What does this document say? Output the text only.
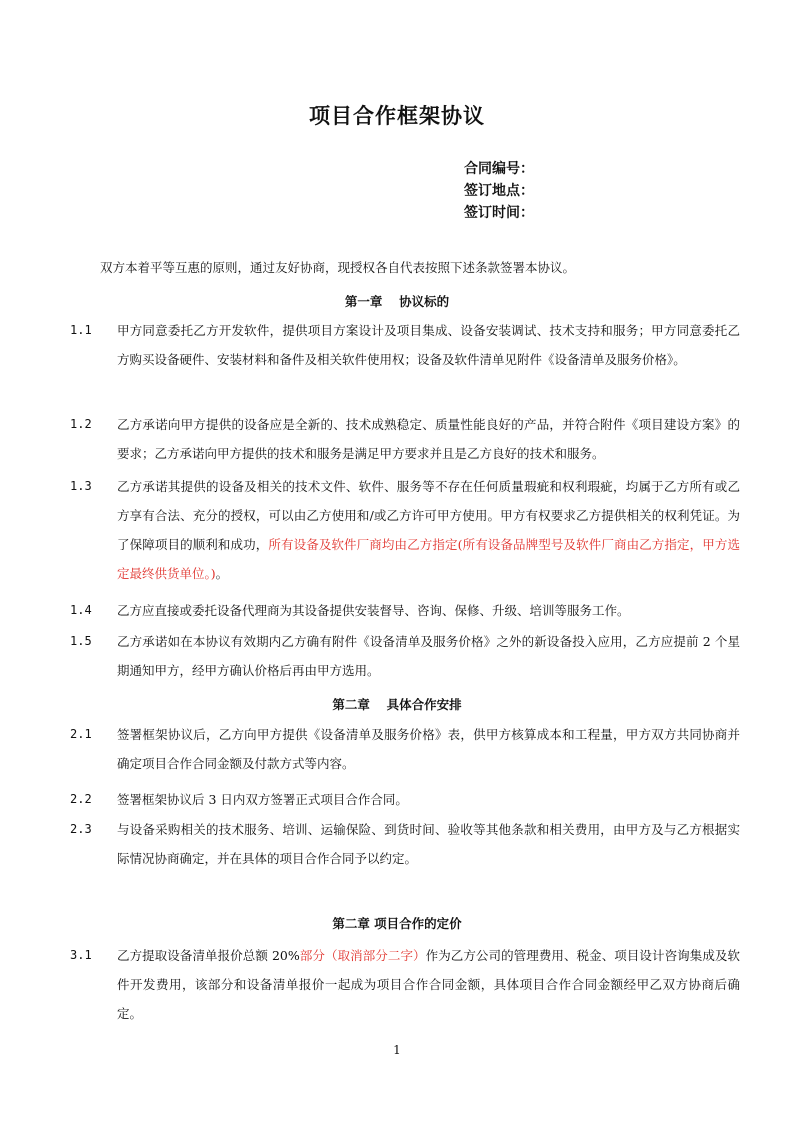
项目合作框架协议
合同编号：
签订地点：
签订时间：
双方本着平等互惠的原则，通过友好协商，现授权各自代表按照下述条款签署本协议。
第一章　 协议标的
1.1	甲方同意委托乙方开发软件，提供项目方案设计及项目集成、设备安装调试、技术支持和服务；甲方同意委托乙方购买设备硬件、安装材料和备件及相关软件使用权；设备及软件清单见附件《设备清单及服务价格》。
1.2	乙方承诺向甲方提供的设备应是全新的、技术成熟稳定、质量性能良好的产品，并符合附件《项目建设方案》的要求；乙方承诺向甲方提供的技术和服务是满足甲方要求并且是乙方良好的技术和服务。
1.3	乙方承诺其提供的设备及相关的技术文件、软件、服务等不存在任何质量瑕疵和权利瑕疵，均属于乙方所有或乙方享有合法、充分的授权，可以由乙方使用和/或乙方许可甲方使用。甲方有权要求乙方提供相关的权利凭证。为了保障项目的顺利和成功，所有设备及软件厂商均由乙方指定(所有设备品牌型号及软件厂商由乙方指定，甲方选定最终供货单位。)。
1.4	乙方应直接或委托设备代理商为其设备提供安装督导、咨询、保修、升级、培训等服务工作。
1.5	乙方承诺如在本协议有效期内乙方确有附件《设备清单及服务价格》之外的新设备投入应用，乙方应提前 2 个星期通知甲方，经甲方确认价格后再由甲方选用。
第二章　 具体合作安排
2.1	签署框架协议后，乙方向甲方提供《设备清单及服务价格》表，供甲方核算成本和工程量，甲方双方共同协商并确定项目合作合同金额及付款方式等内容。
2.2	签署框架协议后 3 日内双方签署正式项目合作合同。
2.3	与设备采购相关的技术服务、培训、运输保险、到货时间、验收等其他条款和相关费用，由甲方及与乙方根据实际情况协商确定，并在具体的项目合作合同予以约定。
第二章 项目合作的定价
3.1	乙方提取设备清单报价总额 20%部分（取消部分二字）作为乙方公司的管理费用、税金、项目设计咨询集成及软件开发费用，该部分和设备清单报价一起成为项目合作合同金额，具体项目合作合同金额经甲乙双方协商后确定。
1
